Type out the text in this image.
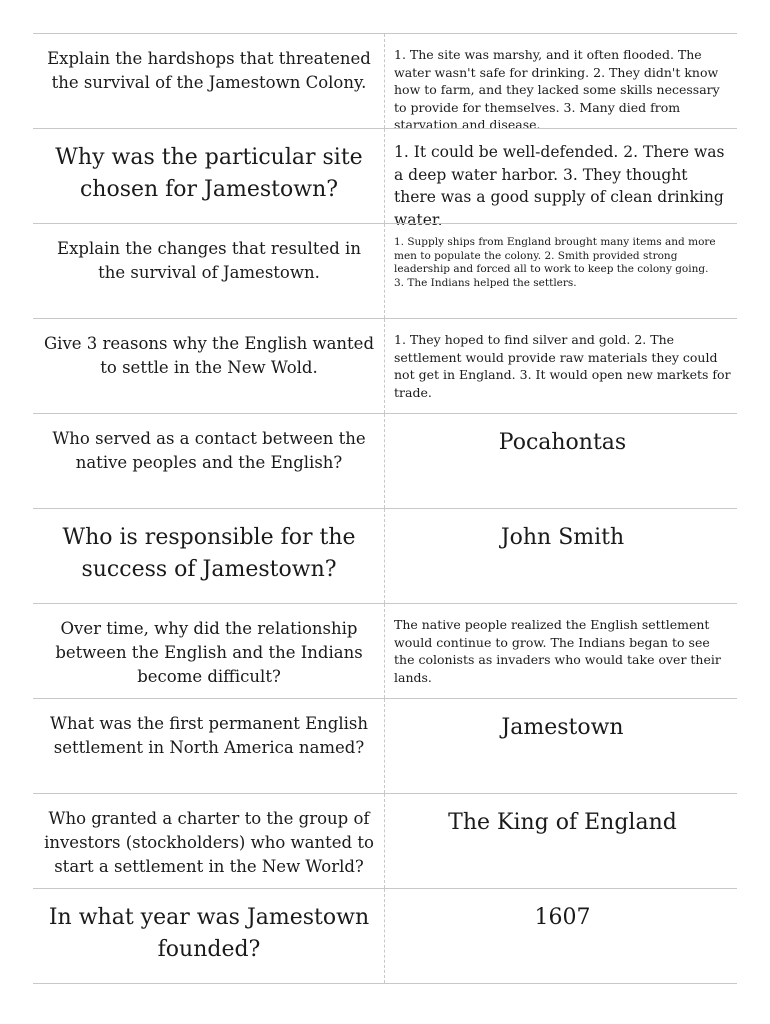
Explain the hardshops that threatened the survival of the Jamestown Colony.
1. The site was marshy, and it often flooded. The water wasn't safe for drinking. 2. They didn't know how to farm, and they lacked some skills necessary to provide for themselves. 3. Many died from starvation and disease.
Why was the particular site chosen for Jamestown?
1. It could be well-defended. 2. There was a deep water harbor. 3. They thought there was a good supply of clean drinking water.
Explain the changes that resulted in the survival of Jamestown.
1. Supply ships from England brought many items and more men to populate the colony. 2. Smith provided strong leadership and forced all to work to keep the colony going.
3. The Indians helped the settlers.
Give 3 reasons why the English wanted to settle in the New Wold.
1. They hoped to find silver and gold. 2. The settlement would provide raw materials they could not get in England. 3. It would open new markets for trade.
Who served as a contact between the native peoples and the English?
Pocahontas
Who is responsible for the success of Jamestown?
John Smith
Over time, why did the relationship between the English and the Indians become difficult?
The native people realized the English settlement would continue to grow. The Indians began to see the colonists as invaders who would take over their lands.
What was the first permanent English settlement in North America named?
Jamestown
Who granted a charter to the group of investors (stockholders) who wanted to start a settlement in the New World?
The King of England
In what year was Jamestown founded?
1607
